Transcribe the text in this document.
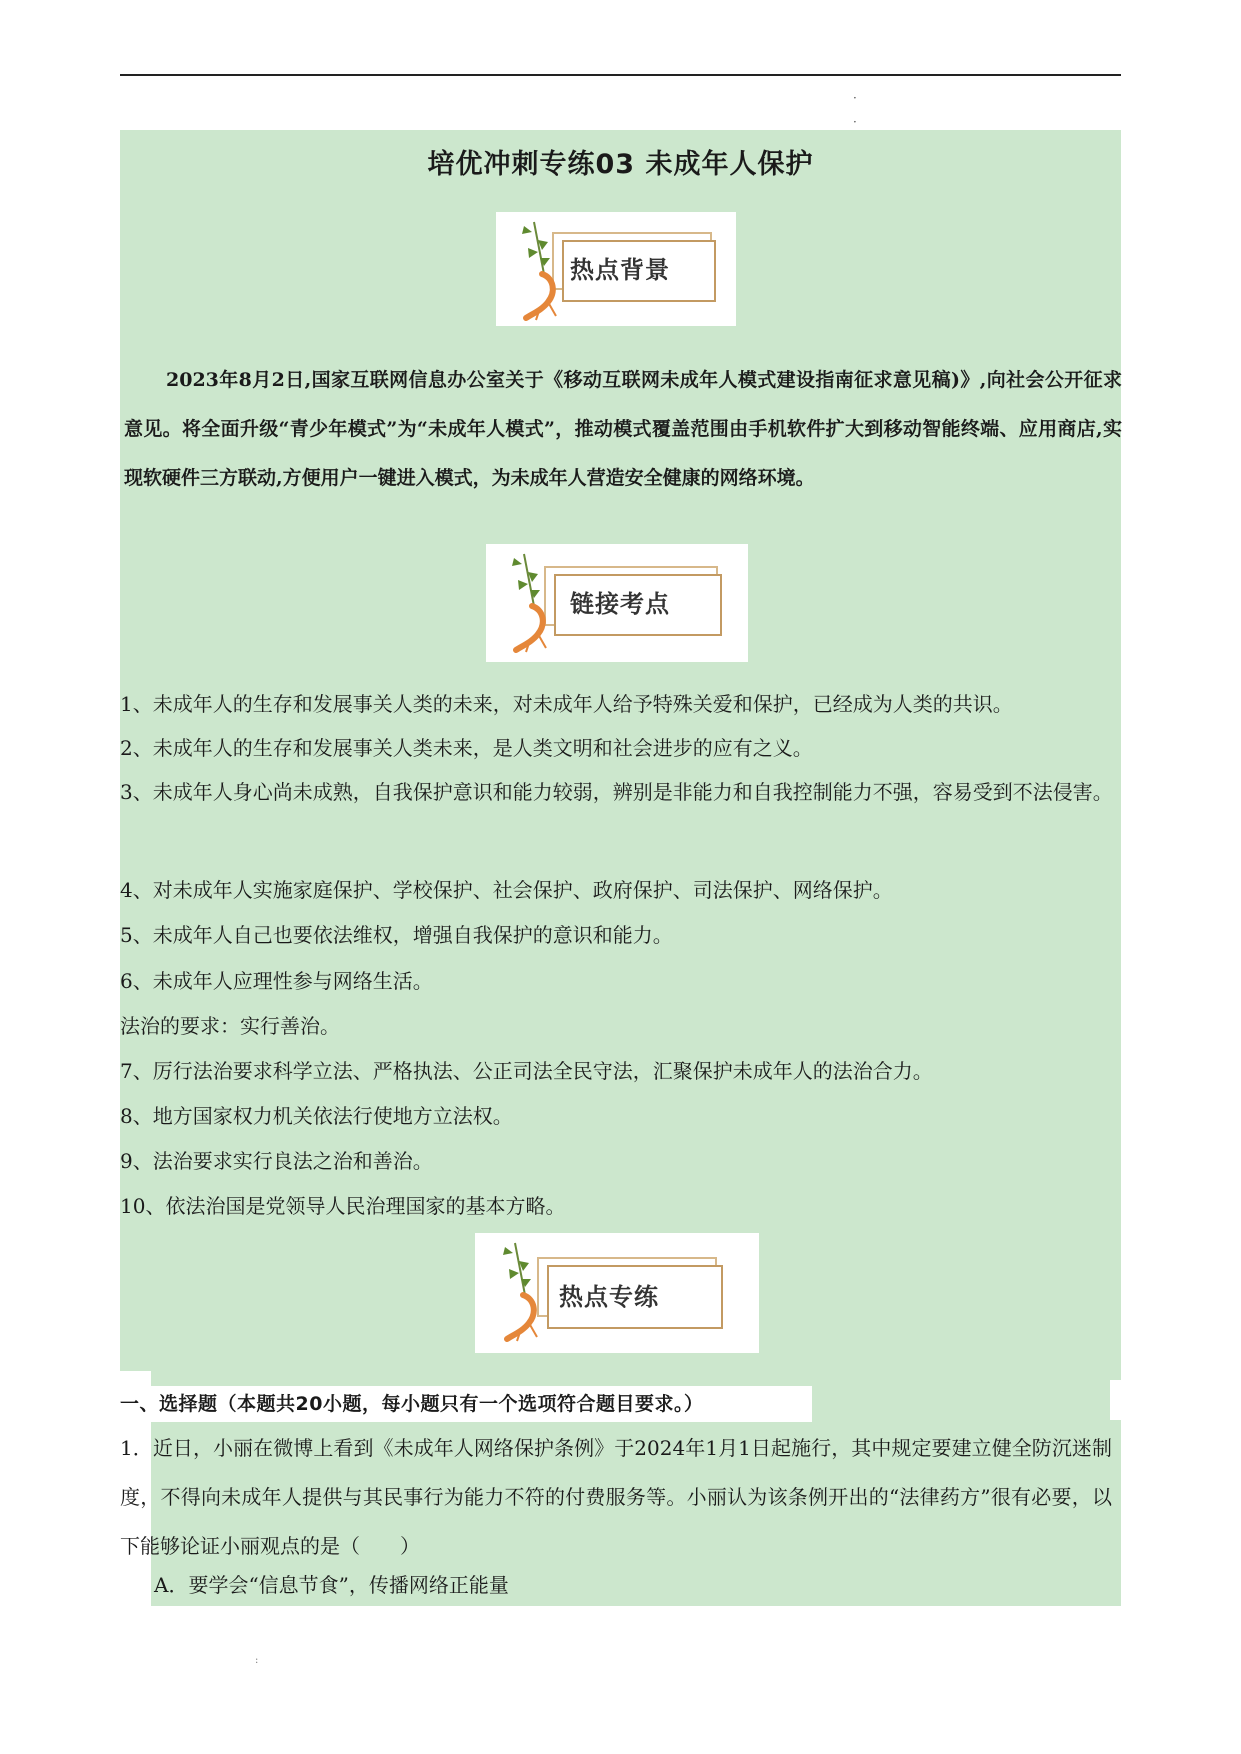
·
·
培优冲刺专练03 未成年人保护
热点背景
2023年8月2日,国家互联网信息办公室关于《移动互联网未成年人模式建设指南征求意见稿)》,向社会公开征求意见。将全面升级“青少年模式”为“未成年人模式”，推动模式覆盖范围由手机软件扩大到移动智能终端、应用商店,实现软硬件三方联动,方便用户一键进入模式，为未成年人营造安全健康的网络环境。
链接考点
1、未成年人的生存和发展事关人类的未来，对未成年人给予特殊关爱和保护，已经成为人类的共识。
2、未成年人的生存和发展事关人类未来，是人类文明和社会进步的应有之义。
3、未成年人身心尚未成熟，自我保护意识和能力较弱，辨别是非能力和自我控制能力不强，容易受到不法侵害。
4、对未成年人实施家庭保护、学校保护、社会保护、政府保护、司法保护、网络保护。
5、未成年人自己也要依法维权，增强自我保护的意识和能力。
6、未成年人应理性参与网络生活。
法治的要求：实行善治。
7、厉行法治要求科学立法、严格执法、公正司法全民守法，汇聚保护未成年人的法治合力。
8、地方国家权力机关依法行使地方立法权。
9、法治要求实行良法之治和善治。
10、依法治国是党领导人民治理国家的基本方略。
热点专练
一、选择题（本题共20小题，每小题只有一个选项符合题目要求。）
1．近日，小丽在微博上看到《未成年人网络保护条例》于2024年1月1日起施行，其中规定要建立健全防沉迷制度，不得向未成年人提供与其民事行为能力不符的付费服务等。小丽认为该条例开出的“法律药方”很有必要，以下能够论证小丽观点的是（　　）
A．要学会“信息节食”，传播网络正能量
:
